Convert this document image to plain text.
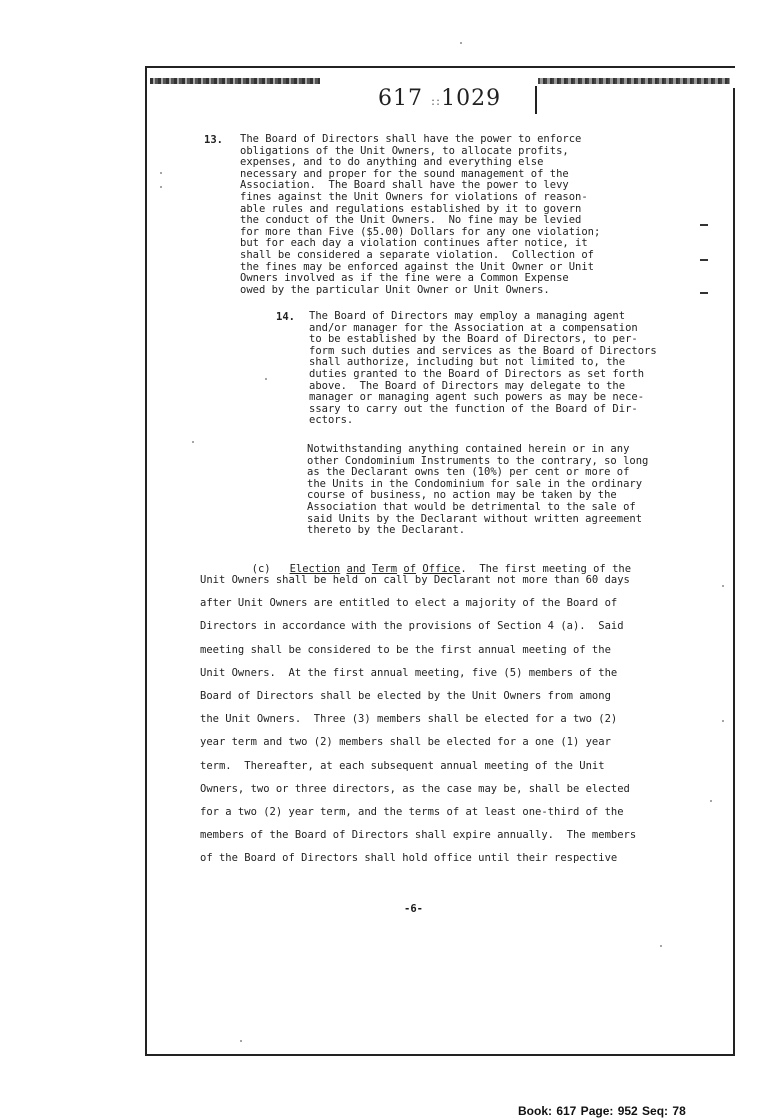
617 ::1029
13. The Board of Directors shall have the power to enforce
obligations of the Unit Owners, to allocate profits,
expenses, and to do anything and everything else
necessary and proper for the sound management of the
Association.  The Board shall have the power to levy
fines against the Unit Owners for violations of reason-
able rules and regulations established by it to govern
the conduct of the Unit Owners.  No fine may be levied
for more than Five ($5.00) Dollars for any one violation;
but for each day a violation continues after notice, it
shall be considered a separate violation.  Collection of
the fines may be enforced against the Unit Owner or Unit
Owners involved as if the fine were a Common Expense
owed by the particular Unit Owner or Unit Owners.
14. The Board of Directors may employ a managing agent
and/or manager for the Association at a compensation
to be established by the Board of Directors, to per-
form such duties and services as the Board of Directors
shall authorize, including but not limited to, the
duties granted to the Board of Directors as set forth
above.  The Board of Directors may delegate to the
manager or managing agent such powers as may be nece-
ssary to carry out the function of the Board of Dir-
ectors.
Notwithstanding anything contained herein or in any
other Condominium Instruments to the contrary, so long
as the Declarant owns ten (10%) per cent or more of
the Units in the Condominium for sale in the ordinary
course of business, no action may be taken by the
Association that would be detrimental to the sale of
said Units by the Declarant without written agreement
thereto by the Declarant.

(c) Election and Term of Office. The first meeting of the

Unit Owners shall be held on call by Declarant not more than 60 days
after Unit Owners are entitled to elect a majority of the Board of
Directors in accordance with the provisions of Section 4 (a).  Said
meeting shall be considered to be the first annual meeting of the
Unit Owners.  At the first annual meeting, five (5) members of the
Board of Directors shall be elected by the Unit Owners from among
the Unit Owners.  Three (3) members shall be elected for a two (2)
year term and two (2) members shall be elected for a one (1) year
term.  Thereafter, at each subsequent annual meeting of the Unit
Owners, two or three directors, as the case may be, shall be elected
for a two (2) year term, and the terms of at least one-third of the
members of the Board of Directors shall expire annually.  The members
of the Board of Directors shall hold office until their respective
-6-
Book: 617 Page: 952 Seq: 78
